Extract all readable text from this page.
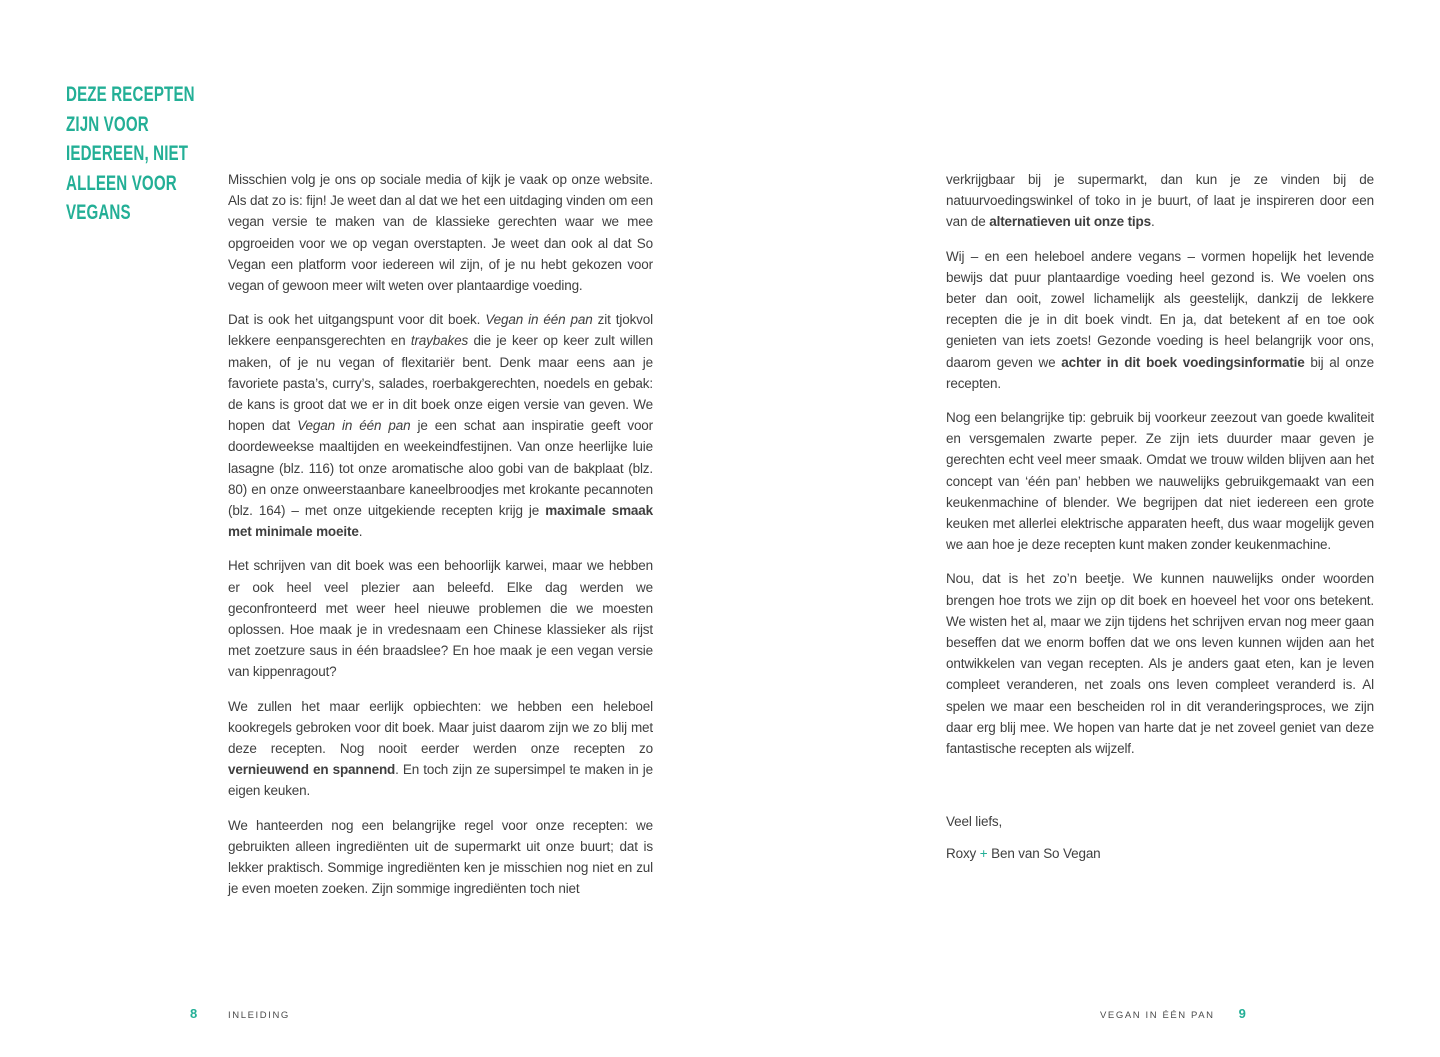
DEZE RECEPTEN
ZIJN VOOR
IEDEREEN, NIET
ALLEEN VOOR
VEGANS

Misschien volg je ons op sociale media of kijk je vaak op onze website. Als dat zo is: fijn! Je weet dan al dat we het een uitdaging vinden om een vegan versie te maken van de klassieke gerechten waar we mee opgroeiden voor we op vegan overstapten. Je weet dan ook al dat So Vegan een platform voor iedereen wil zijn, of je nu hebt gekozen voor vegan of gewoon meer wilt weten over plantaardige voeding.

Dat is ook het uitgangspunt voor dit boek. Vegan in één pan zit tjokvol lekkere eenpansgerechten en traybakes die je keer op keer zult willen maken, of je nu vegan of flexitariër bent. Denk maar eens aan je favoriete pasta’s, curry’s, salades, roerbakgerechten, noedels en gebak: de kans is groot dat we er in dit boek onze eigen versie van geven. We hopen dat Vegan in één pan je een schat aan inspiratie geeft voor doordeweekse maaltijden en weekeindfestijnen. Van onze heerlijke luie lasagne (blz. 116) tot onze aromatische aloo gobi van de bakplaat (blz. 80) en onze onweerstaanbare kaneelbroodjes met krokante pecannoten (blz. 164) – met onze uitgekiende recepten krijg je maximale smaak met minimale moeite.

Het schrijven van dit boek was een behoorlijk karwei, maar we hebben er ook heel veel plezier aan beleefd. Elke dag werden we geconfronteerd met weer heel nieuwe problemen die we moesten oplossen. Hoe maak je in vredesnaam een Chinese klassieker als rijst met zoetzure saus in één braadslee? En hoe maak je een vegan versie van kippenragout?

We zullen het maar eerlijk opbiechten: we hebben een heleboel kookregels gebroken voor dit boek. Maar juist daarom zijn we zo blij met deze recepten. Nog nooit eerder werden onze recepten zo vernieuwend en spannend. En toch zijn ze supersimpel te maken in je eigen keuken.

We hanteerden nog een belangrijke regel voor onze recepten: we gebruikten alleen ingrediënten uit de supermarkt uit onze buurt; dat is lekker praktisch. Sommige ingrediënten ken je misschien nog niet en zul je even moeten zoeken. Zijn sommige ingrediënten toch niet

verkrijgbaar bij je supermarkt, dan kun je ze vinden bij de natuurvoedingswinkel of toko in je buurt, of laat je inspireren door een van de alternatieven uit onze tips.

Wij – en een heleboel andere vegans – vormen hopelijk het levende bewijs dat puur plantaardige voeding heel gezond is. We voelen ons beter dan ooit, zowel lichamelijk als geestelijk, dankzij de lekkere recepten die je in dit boek vindt. En ja, dat betekent af en toe ook genieten van iets zoets! Gezonde voeding is heel belangrijk voor ons, daarom geven we achter in dit boek voedingsinformatie bij al onze recepten.

Nog een belangrijke tip: gebruik bij voorkeur zeezout van goede kwaliteit en versgemalen zwarte peper. Ze zijn iets duurder maar geven je gerechten echt veel meer smaak. Omdat we trouw wilden blijven aan het concept van ‘één pan’ hebben we nauwelijks gebruikgemaakt van een keukenmachine of blender. We begrijpen dat niet iedereen een grote keuken met allerlei elektrische apparaten heeft, dus waar mogelijk geven we aan hoe je deze recepten kunt maken zonder keukenmachine.

Nou, dat is het zo’n beetje. We kunnen nauwelijks onder woorden brengen hoe trots we zijn op dit boek en hoeveel het voor ons betekent. We wisten het al, maar we zijn tijdens het schrijven ervan nog meer gaan beseffen dat we enorm boffen dat we ons leven kunnen wijden aan het ontwikkelen van vegan recepten. Als je anders gaat eten, kan je leven compleet veranderen, net zoals ons leven compleet veranderd is. Al spelen we maar een bescheiden rol in dit veranderingsproces, we zijn daar erg blij mee. We hopen van harte dat je net zoveel geniet van deze fantastische recepten als wijzelf.

Veel liefs,

Roxy + Ben van So Vegan

8	INLEIDING	VEGAN IN ÉÉN PAN 9
